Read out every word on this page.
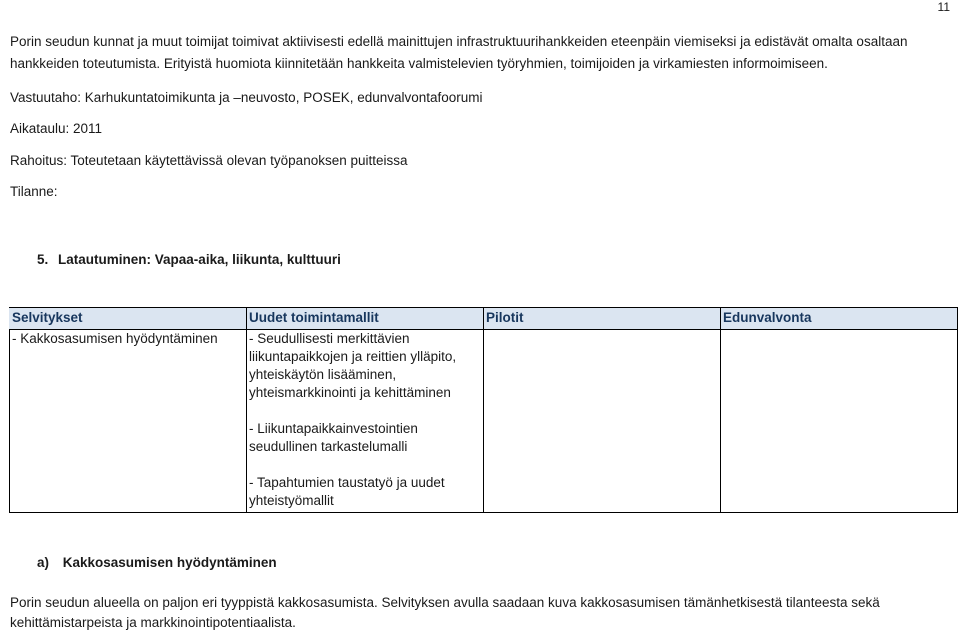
11

Porin seudun kunnat ja muut toimijat toimivat aktiivisesti edellä mainittujen infrastruktuurihankkeiden eteenpäin viemiseksi ja edistävät omalta osaltaan hankkeiden toteutumista. Erityistä huomiota kiinnitetään hankkeita valmistelevien työryhmien, toimijoiden ja virkamiesten informoimiseen.

Vastuutaho: Karhukuntatoimikunta ja –neuvosto, POSEK, edunvalvontafoorumi

Aikataulu: 2011

Rahoitus: Toteutetaan käytettävissä olevan työpanoksen puitteissa

Tilanne:

5. Latautuminen: Vapaa-aika, liikunta, kulttuuri
Selvitykset	Uudet toimintamallit	Pilotit	Edunvalvonta

- Kakkosasumisen hyödyntäminen	- Seudullisesti merkittävien liikuntapaikkojen ja reittien ylläpito, yhteiskäytön lisääminen, yhteismarkkinointi ja kehittäminen
- Liikuntapaikkainvestointien seudullinen tarkastelumalli
- Tapahtumien taustatyö ja uudet yhteistyömallit		

a) Kakkosasumisen hyödyntäminen

Porin seudun alueella on paljon eri tyyppistä kakkosasumista. Selvityksen avulla saadaan kuva kakkosasumisen tämänhetkisestä tilanteesta sekä kehittämistarpeista ja markkinointipotentiaalista.
